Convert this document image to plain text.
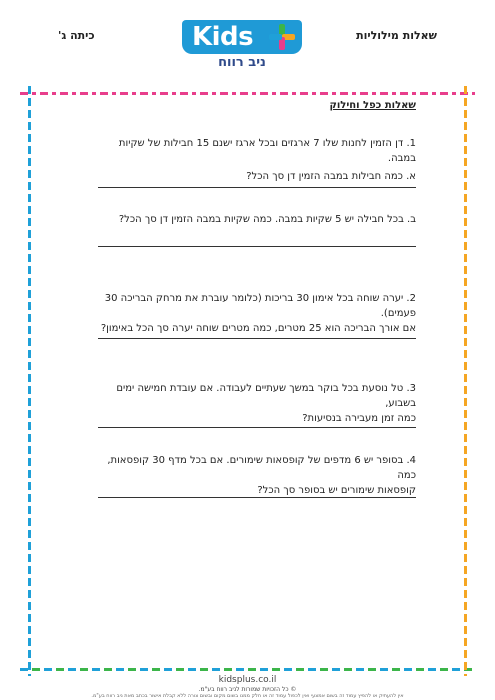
כיתה ג'	שאלות מילוליות
Kids
ניב רווח
שאלות כפל וחילוק
1. דן הזמין לחנות שלו 7 ארגזים ובכל ארגז ישנם 15 חבילות של שקיות במבה.
א. כמה חבילות במבה הזמין דן סך הכל?
ב. בכל חבילה יש 5 שקיות במבה. כמה שקיות במבה הזמין דן סך הכל?
2. יערה שוחה בכל אימון 30 בריכות (כלומר עוברת את מרחק הבריכה 30 פעמים).
אם אורך הבריכה הוא 25 מטרים, כמה מטרים שוחה יערה סך הכל באימון?
3. טל נוסעת בכל בוקר במשך שעתיים לעבודה. אם עובדת חמישה ימים בשבוע,
כמה זמן מעבירה בנסיעות?
4. בסופר יש 6 מדפים של קופסאות שימורים. אם בכל מדף 30 קופסאות, כמה
קופסאות שימורים יש בסופר סך הכל?
kidsplus.co.il
© כל הזכויות שמורות לניב רווח בע"מ.
אין להעתיק או להפיץ עמוד זה בשום אמצעי ואין לכפול עמוד זה או חלק ממנו בשום מקום ובשום צורה ללא קבלת אישור בכתב מאת ניב רווח בע"מ.
